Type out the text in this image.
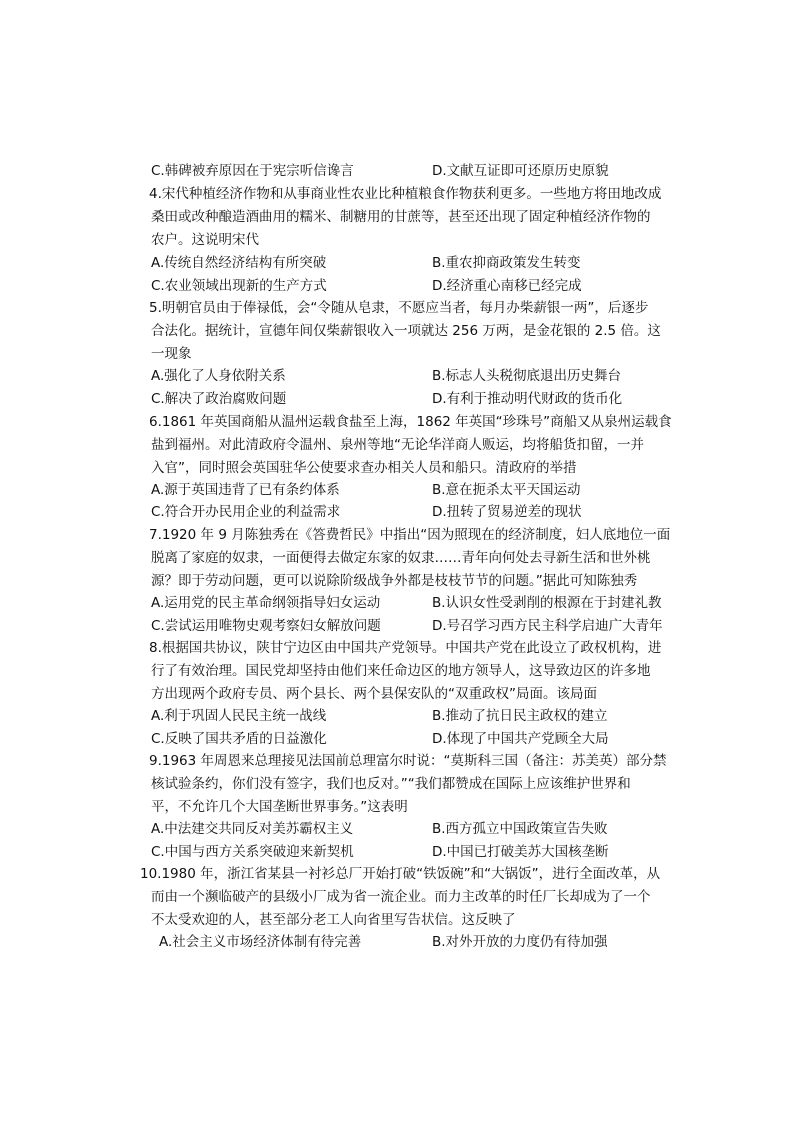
C.韩碑被弃原因在于宪宗听信谗言	D.文献互证即可还原历史原貌
4.宋代种植经济作物和从事商业性农业比种植粮食作物获利更多。一些地方将田地改成
桑田或改种酿造酒曲用的糯米、制糖用的甘蔗等，甚至还出现了固定种植经济作物的
农户。这说明宋代
A.传统自然经济结构有所突破	B.重农抑商政策发生转变
C.农业领域出现新的生产方式	D.经济重心南移已经完成
5.明朝官员由于俸禄低，会“令随从皂隶，不愿应当者，每月办柴薪银一两”，后逐步
合法化。据统计，宣德年间仅柴薪银收入一项就达 256 万两，是金花银的 2.5 倍。这
一现象
A.强化了人身依附关系	B.标志人头税彻底退出历史舞台
C.解决了政治腐败问题	D.有利于推动明代财政的货币化
6.1861 年英国商船从温州运载食盐至上海，1862 年英国“珍珠号”商船又从泉州运载食
盐到福州。对此清政府令温州、泉州等地“无论华洋商人贩运，均将船货扣留，一并
入官”，同时照会英国驻华公使要求查办相关人员和船只。清政府的举措
A.源于英国违背了已有条约体系	B.意在扼杀太平天国运动
C.符合开办民用企业的利益需求	D.扭转了贸易逆差的现状
7.1920 年 9 月陈独秀在《答费哲民》中指出“因为照现在的经济制度，妇人底地位一面
脱离了家庭的奴隶，一面便得去做定东家的奴隶……青年向何处去寻新生活和世外桃
源？即于劳动问题，更可以说除阶级战争外都是枝枝节节的问题。”据此可知陈独秀
A.运用党的民主革命纲领指导妇女运动	B.认识女性受剥削的根源在于封建礼教
C.尝试运用唯物史观考察妇女解放问题	D.号召学习西方民主科学启迪广大青年
8.根据国共协议，陕甘宁边区由中国共产党领导。中国共产党在此设立了政权机构，进
行了有效治理。国民党却坚持由他们来任命边区的地方领导人，这导致边区的许多地
方出现两个政府专员、两个县长、两个县保安队的“双重政权”局面。该局面
A.利于巩固人民民主统一战线	B.推动了抗日民主政权的建立
C.反映了国共矛盾的日益激化	D.体现了中国共产党顾全大局
9.1963 年周恩来总理接见法国前总理富尔时说：“莫斯科三国（备注：苏美英）部分禁
核试验条约，你们没有签字，我们也反对。”“我们都赞成在国际上应该维护世界和
平，不允许几个大国垄断世界事务。”这表明
A.中法建交共同反对美苏霸权主义	B.西方孤立中国政策宣告失败
C.中国与西方关系突破迎来新契机	D.中国已打破美苏大国核垄断
10.1980 年，浙江省某县一衬衫总厂开始打破“铁饭碗”和“大锅饭”，进行全面改革，从
而由一个濒临破产的县级小厂成为省一流企业。而力主改革的时任厂长却成为了一个
不太受欢迎的人，甚至部分老工人向省里写告状信。这反映了
A.社会主义市场经济体制有待完善	B.对外开放的力度仍有待加强
